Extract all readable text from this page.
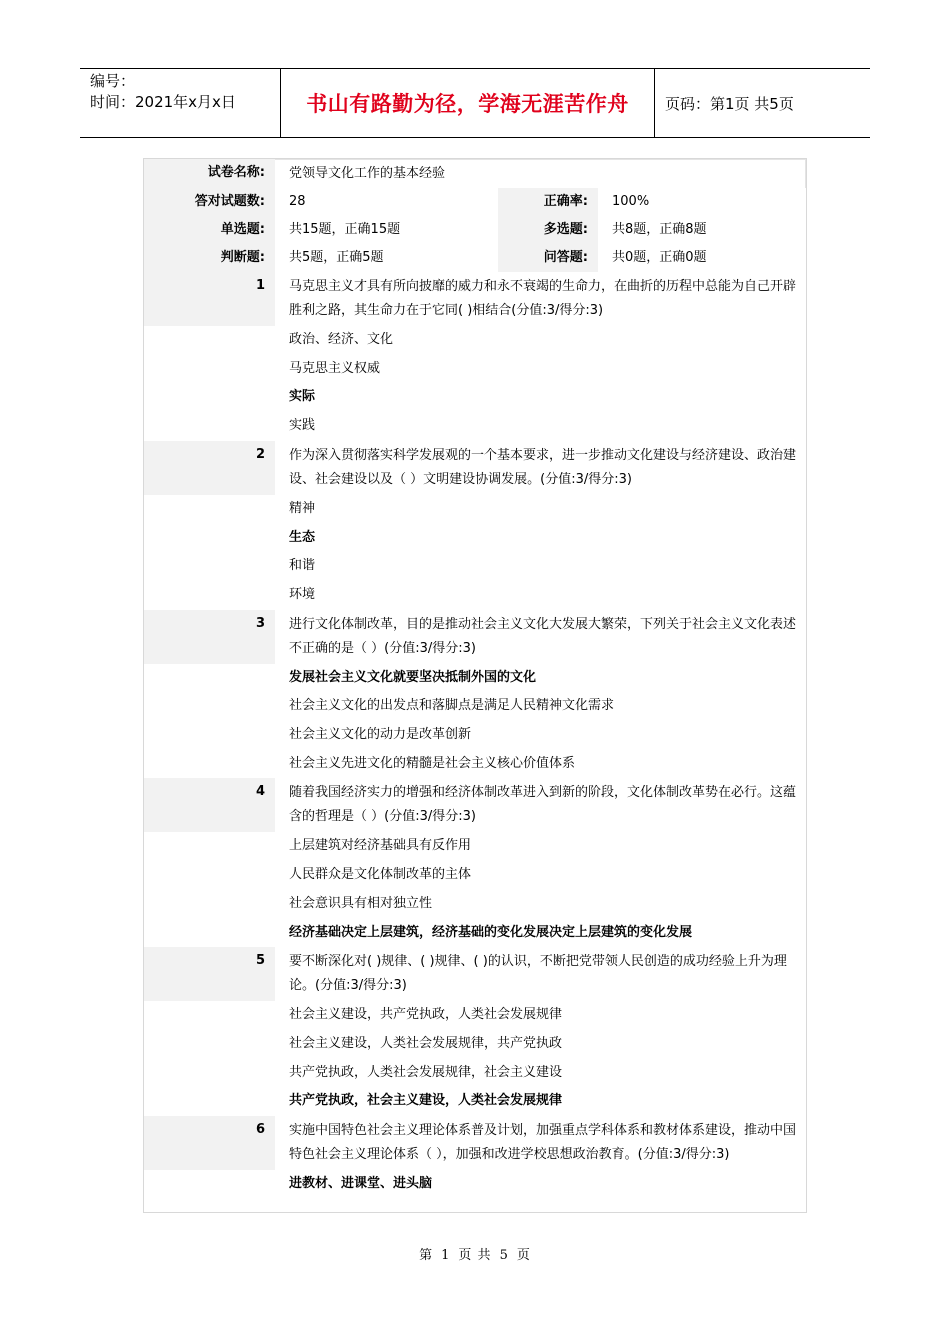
编号：
时间：2021年x月x日	书山有路勤为径，学海无涯苦作舟 页码：第1页 共5页
试卷名称:	党领导文化工作的基本经验
答对试题数:	28	正确率:	100%
单选题:	共15题，正确15题	多选题:	共8题，正确8题
判断题:	共5题，正确5题	问答题:	共0题，正确0题
1	马克思主义才具有所向披靡的威力和永不衰竭的生命力，在曲折的历程中总能为自己开辟胜利之路，其生命力在于它同( )相结合(分值:3/得分:3)
政治、经济、文化
马克思主义权威
实际
实践
2	作为深入贯彻落实科学发展观的一个基本要求，进一步推动文化建设与经济建设、政治建设、社会建设以及（ ）文明建设协调发展。(分值:3/得分:3)
精神
生态
和谐
环境
3	进行文化体制改革，目的是推动社会主义文化大发展大繁荣，下列关于社会主义文化表述不正确的是（ ）(分值:3/得分:3)
发展社会主义文化就要坚决抵制外国的文化
社会主义文化的出发点和落脚点是满足人民精神文化需求
社会主义文化的动力是改革创新
社会主义先进文化的精髓是社会主义核心价值体系
4	随着我国经济实力的增强和经济体制改革进入到新的阶段，文化体制改革势在必行。这蕴含的哲理是（ ）(分值:3/得分:3)
上层建筑对经济基础具有反作用
人民群众是文化体制改革的主体
社会意识具有相对独立性
经济基础决定上层建筑，经济基础的变化发展决定上层建筑的变化发展
5	要不断深化对( )规律、( )规律、( )的认识，不断把党带领人民创造的成功经验上升为理论。(分值:3/得分:3)
社会主义建设，共产党执政，人类社会发展规律
社会主义建设，人类社会发展规律，共产党执政
共产党执政，人类社会发展规律，社会主义建设
共产党执政，社会主义建设，人类社会发展规律
6	实施中国特色社会主义理论体系普及计划，加强重点学科体系和教材体系建设，推动中国特色社会主义理论体系（ ），加强和改进学校思想政治教育。(分值:3/得分:3)
进教材、进课堂、进头脑
第 1 页 共 5 页
